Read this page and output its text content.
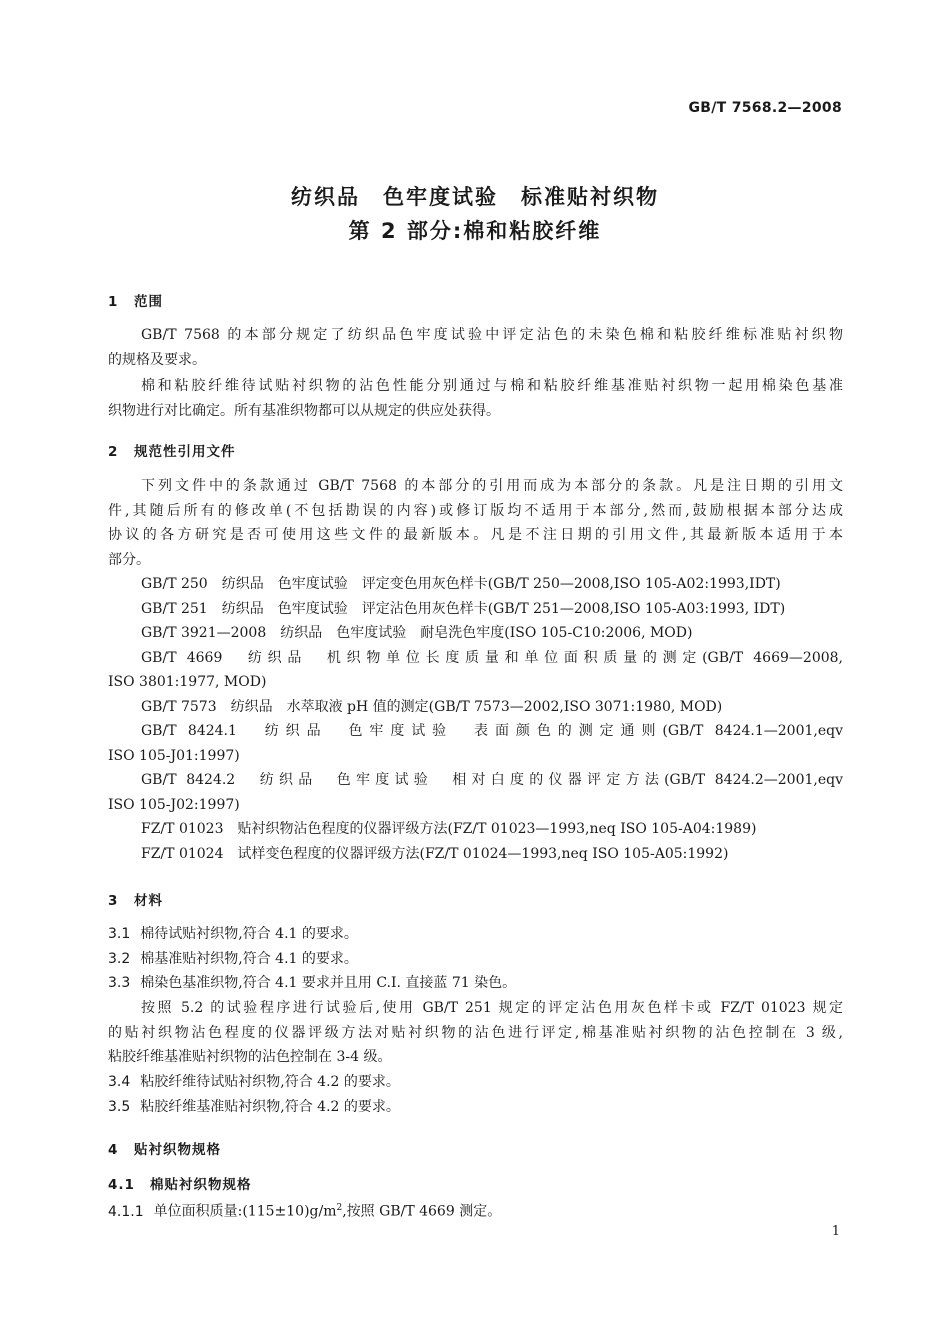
GB/T 7568.2—2008
纺织品　色牢度试验　标准贴衬织物
第 2 部分:棉和粘胶纤维
1 范围
GB/T 7568 的本部分规定了纺织品色牢度试验中评定沾色的未染色棉和粘胶纤维标准贴衬织物
的规格及要求。
棉和粘胶纤维待试贴衬织物的沾色性能分别通过与棉和粘胶纤维基准贴衬织物一起用棉染色基准
织物进行对比确定。所有基准织物都可以从规定的供应处获得。
2 规范性引用文件
下列文件中的条款通过 GB/T 7568 的本部分的引用而成为本部分的条款。凡是注日期的引用文
件,其随后所有的修改单(不包括勘误的内容)或修订版均不适用于本部分,然而,鼓励根据本部分达成
协议的各方研究是否可使用这些文件的最新版本。凡是不注日期的引用文件,其最新版本适用于本
部分。
GB/T 250　纺织品　色牢度试验　评定变色用灰色样卡(GB/T 250—2008,ISO 105-A02:1993,IDT)
GB/T 251　纺织品　色牢度试验　评定沾色用灰色样卡(GB/T 251—2008,ISO 105-A03:1993, IDT)
GB/T 3921—2008　纺织品　色牢度试验　耐皂洗色牢度(ISO 105-C10:2006, MOD)
GB/T 4669　纺织品　机织物单位长度质量和单位面积质量的测定(GB/T 4669—2008,
ISO 3801:1977, MOD)
GB/T 7573　纺织品　水萃取液 pH 值的测定(GB/T 7573—2002,ISO 3071:1980, MOD)
GB/T 8424.1　纺织品　色牢度试验　表面颜色的测定通则(GB/T 8424.1—2001,eqv
ISO 105-J01:1997)
GB/T 8424.2　纺织品　色牢度试验　相对白度的仪器评定方法(GB/T 8424.2—2001,eqv
ISO 105-J02:1997)
FZ/T 01023　贴衬织物沾色程度的仪器评级方法(FZ/T 01023—1993,neq ISO 105-A04:1989)
FZ/T 01024　试样变色程度的仪器评级方法(FZ/T 01024—1993,neq ISO 105-A05:1992)
3 材料
3.1 棉待试贴衬织物,符合 4.1 的要求。
3.2 棉基准贴衬织物,符合 4.1 的要求。
3.3 棉染色基准织物,符合 4.1 要求并且用 C.I. 直接蓝 71 染色。
按照 5.2 的试验程序进行试验后,使用 GB/T 251 规定的评定沾色用灰色样卡或 FZ/T 01023 规定
的贴衬织物沾色程度的仪器评级方法对贴衬织物的沾色进行评定,棉基准贴衬织物的沾色控制在 3 级,
粘胶纤维基准贴衬织物的沾色控制在 3-4 级。
3.4 粘胶纤维待试贴衬织物,符合 4.2 的要求。
3.5 粘胶纤维基准贴衬织物,符合 4.2 的要求。
4 贴衬织物规格
4.1 棉贴衬织物规格
4.1.1 单位面积质量$:(115\pm 10)g/m^2$,按照 GB/T 4669 测定。
1
